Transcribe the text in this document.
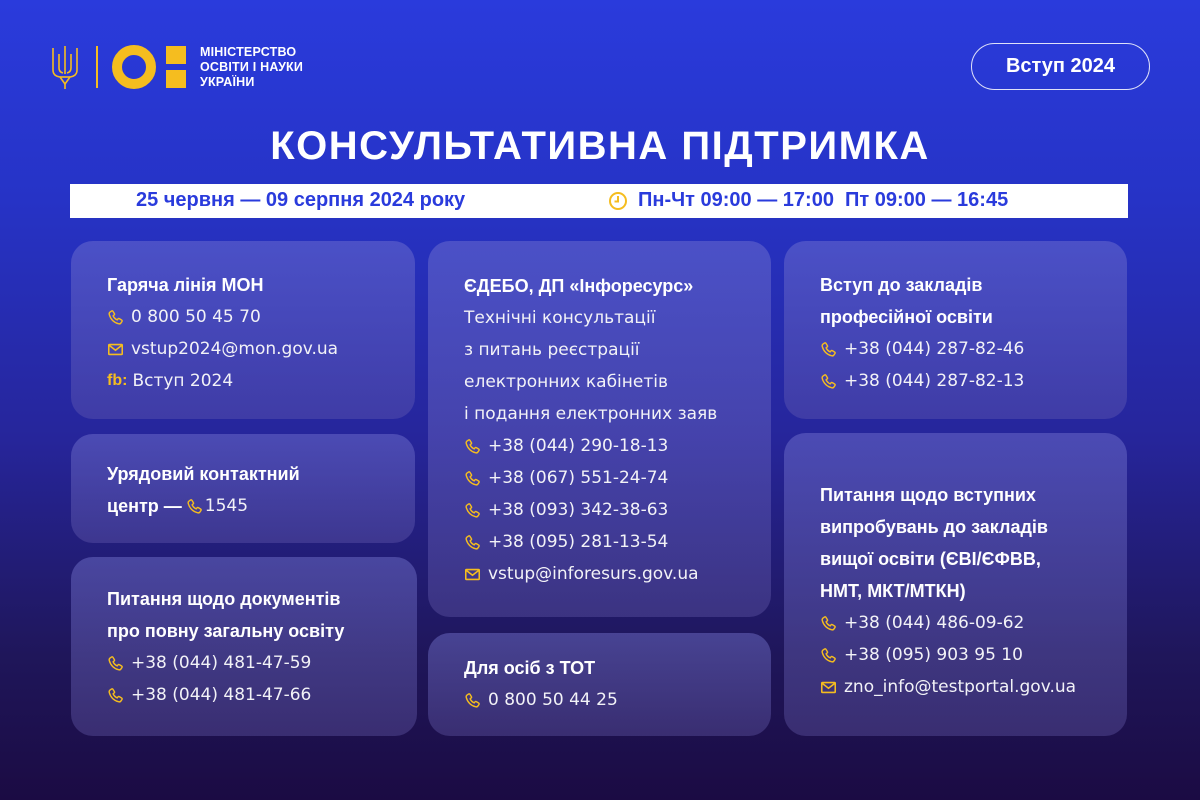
МІНІСТЕРСТВО
ОСВІТИ І НАУКИ
УКРАЇНИ
Вступ 2024
КОНСУЛЬТАТИВНА ПІДТРИМКА
25 червня — 09 серпня 2024 року	Пн-Чт 09:00 — 17:00  Пт 09:00 — 16:45
Гаряча лінія МОН
0 800 50 45 70
vstup2024@mon.gov.ua
fb: Вступ 2024
Урядовий контактний
центр — 1545
Питання щодо документів
про повну загальну освіту
+38 (044) 481-47-59
+38 (044) 481-47-66
ЄДЕБО, ДП «Інфоресурс»
Технічні консультації
з питань реєстрації
електронних кабінетів
і подання електронних заяв
+38 (044) 290-18-13
+38 (067) 551-24-74
+38 (093) 342-38-63
+38 (095) 281-13-54
vstup@inforesurs.gov.ua
Для осіб з ТОТ
0 800 50 44 25
Вступ до закладів
професійної освіти
+38 (044) 287-82-46
+38 (044) 287-82-13
Питання щодо вступних
випробувань до закладів
вищої освіти (ЄВІ/ЄФВВ,
НМТ, МКТ/МТКН)
+38 (044) 486-09-62
+38 (095) 903 95 10
zno_info@testportal.gov.ua
